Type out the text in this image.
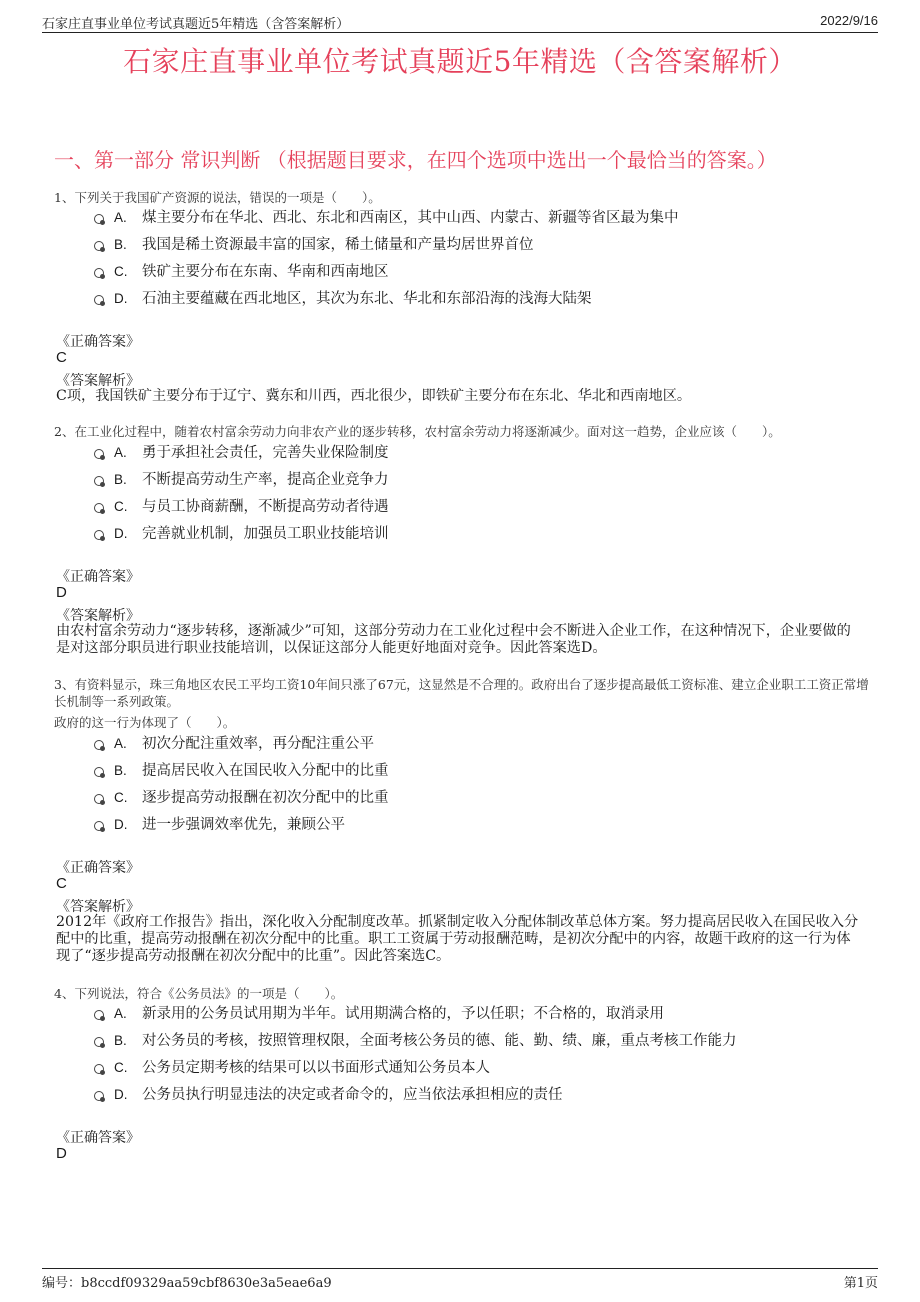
石家庄直事业单位考试真题近5年精选（含答案解析）	2022/9/16
石家庄直事业单位考试真题近5年精选（含答案解析）
一、第一部分 常识判断 （根据题目要求，在四个选项中选出一个最恰当的答案。）
1、下列关于我国矿产资源的说法，错误的一项是（　　）。
A. 煤主要分布在华北、西北、东北和西南区，其中山西、内蒙古、新疆等省区最为集中
B. 我国是稀土资源最丰富的国家，稀土储量和产量均居世界首位
C. 铁矿主要分布在东南、华南和西南地区
D. 石油主要蕴藏在西北地区，其次为东北、华北和东部沿海的浅海大陆架
《正确答案》
C
《答案解析》
C项，我国铁矿主要分布于辽宁、冀东和川西，西北很少，即铁矿主要分布在东北、华北和西南地区。
2、在工业化过程中，随着农村富余劳动力向非农产业的逐步转移，农村富余劳动力将逐渐减少。面对这一趋势，企业应该（　　）。
A. 勇于承担社会责任，完善失业保险制度
B. 不断提高劳动生产率，提高企业竞争力
C. 与员工协商薪酬，不断提高劳动者待遇
D. 完善就业机制，加强员工职业技能培训
《正确答案》
D
《答案解析》
由农村富余劳动力“逐步转移，逐渐减少”可知，这部分劳动力在工业化过程中会不断进入企业工作，在这种情况下，企业要做的是对这部分职员进行职业技能培训，以保证这部分人能更好地面对竞争。因此答案选D。
3、有资料显示，珠三角地区农民工平均工资10年间只涨了67元，这显然是不合理的。政府出台了逐步提高最低工资标准、建立企业职工工资正常增长机制等一系列政策。
政府的这一行为体现了（　　）。
A. 初次分配注重效率，再分配注重公平
B. 提高居民收入在国民收入分配中的比重
C. 逐步提高劳动报酬在初次分配中的比重
D. 进一步强调效率优先，兼顾公平
《正确答案》
C
《答案解析》
2012年《政府工作报告》指出，深化收入分配制度改革。抓紧制定收入分配体制改革总体方案。努力提高居民收入在国民收入分配中的比重，提高劳动报酬在初次分配中的比重。职工工资属于劳动报酬范畴，是初次分配中的内容，故题干政府的这一行为体现了“逐步提高劳动报酬在初次分配中的比重”。因此答案选C。
4、下列说法，符合《公务员法》的一项是（　　）。
A. 新录用的公务员试用期为半年。试用期满合格的，予以任职；不合格的，取消录用
B. 对公务员的考核，按照管理权限，全面考核公务员的德、能、勤、绩、廉，重点考核工作能力
C. 公务员定期考核的结果可以以书面形式通知公务员本人
D. 公务员执行明显违法的决定或者命令的，应当依法承担相应的责任
《正确答案》
D
编号：b8ccdf09329aa59cbf8630e3a5eae6a9	第1页
